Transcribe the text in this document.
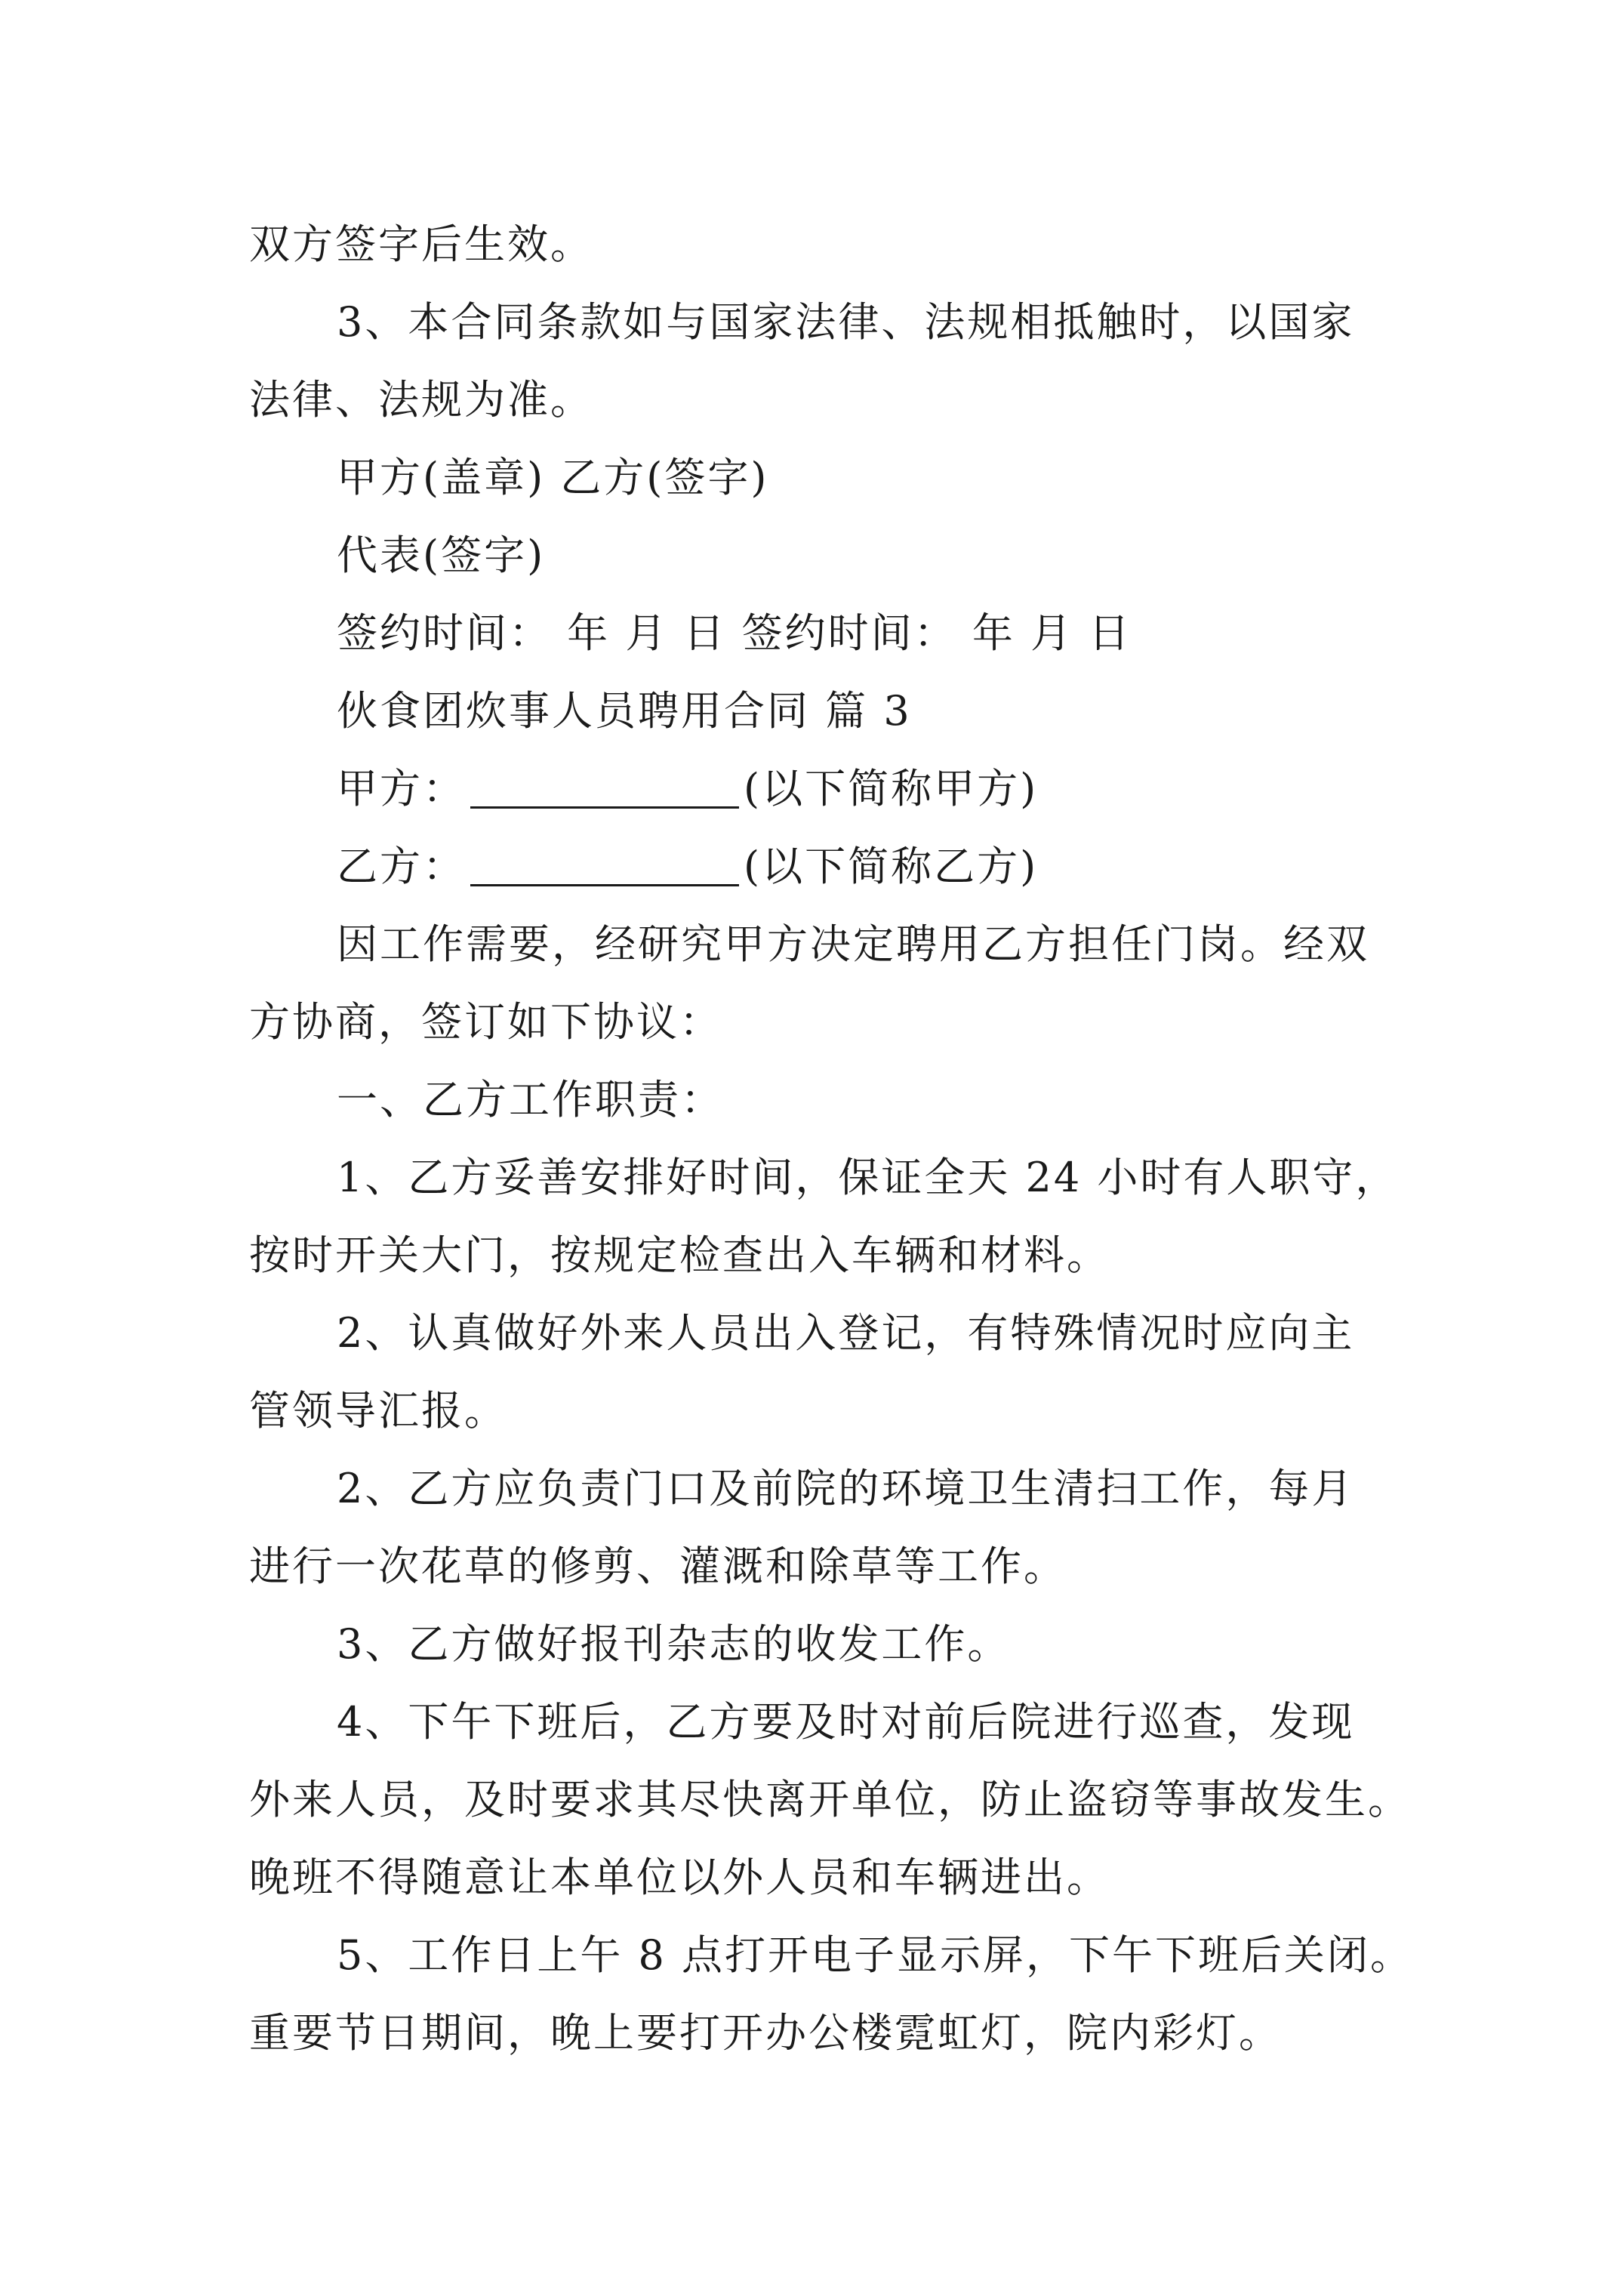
双方签字后生效。
3、本合同条款如与国家法律、法规相抵触时，以国家
法律、法规为准。
甲方(盖章) 乙方(签字)
代表(签字)
签约时间： 年 月 日 签约时间： 年 月 日
伙食团炊事人员聘用合同 篇 3
甲方：	(以下简称甲方)
乙方：	(以下简称乙方)
因工作需要，经研究甲方决定聘用乙方担任门岗。经双
方协商，签订如下协议：
一、乙方工作职责：
1、乙方妥善安排好时间，保证全天 24 小时有人职守，
按时开关大门，按规定检查出入车辆和材料。
2、认真做好外来人员出入登记，有特殊情况时应向主
管领导汇报。
2、乙方应负责门口及前院的环境卫生清扫工作，每月
进行一次花草的修剪、灌溉和除草等工作。
3、乙方做好报刊杂志的收发工作。
4、下午下班后，乙方要及时对前后院进行巡查，发现
外来人员，及时要求其尽快离开单位，防止盗窃等事故发生。
晚班不得随意让本单位以外人员和车辆进出。
5、工作日上午 8 点打开电子显示屏，下午下班后关闭。
重要节日期间，晚上要打开办公楼霓虹灯，院内彩灯。
